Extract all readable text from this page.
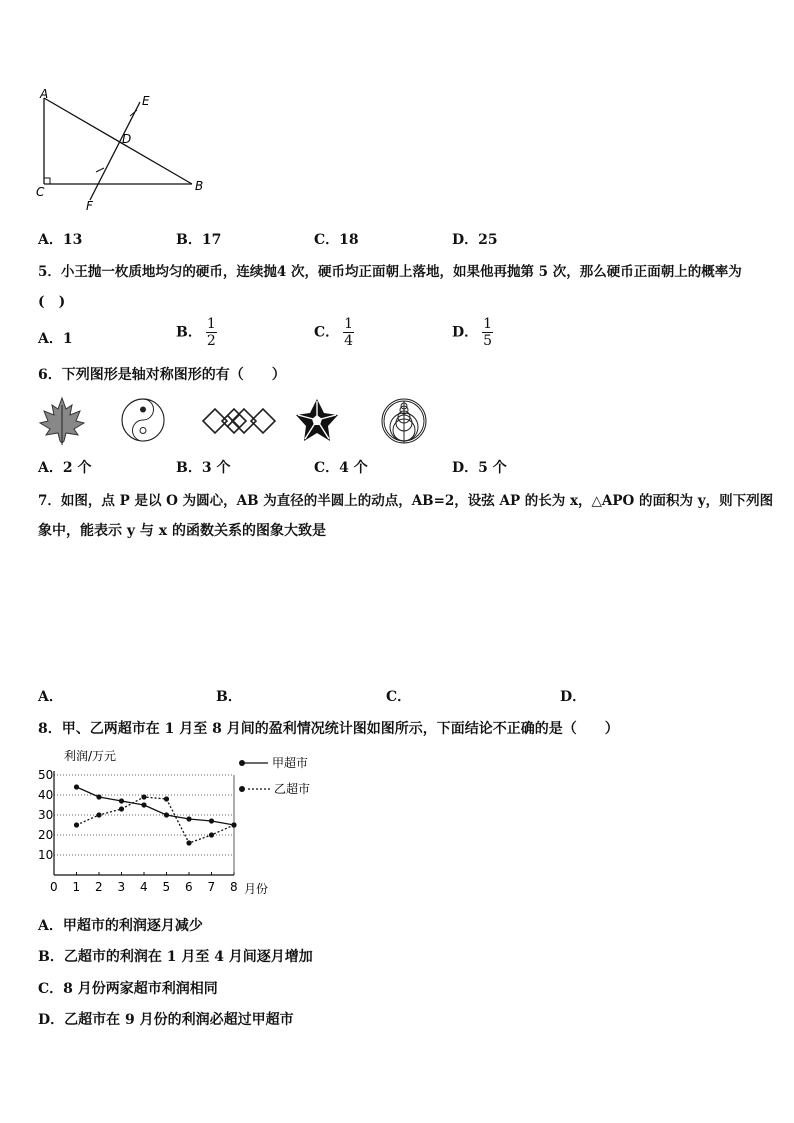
A	E
D
C	B
F
A．13	B．17	C．18	D．25
5．小王抛一枚质地均匀的硬币，连续抛4 次，硬币均正面朝上落地，如果他再抛第 5 次，那么硬币正面朝上的概率为
(　)
A．1	B． $\frac{1}{2}$	C． $\frac{1}{4}$	D． $\frac{1}{5}$
6．下列图形是轴对称图形的有（　　）
A．2 个	B．3 个	C．4 个	D．5 个
7．如图，点 P 是以 O 为圆心，AB 为直径的半圆上的动点，AB=2，设弦 AP 的长为 x，△APO 的面积为 y，则下列图
象中，能表示 y 与 x 的函数关系的图象大致是
A．	B．	C．	D．
8．甲、乙两超市在 1 月至 8 月间的盈利情况统计图如图所示，下面结论不正确的是（　　）
利润/万元
月份
10
20
30
40
50
0 1 2 3 4 5 6 7 8
甲超市
乙超市
A．甲超市的利润逐月减少
B．乙超市的利润在 1 月至 4 月间逐月增加
C．8 月份两家超市利润相同
D．乙超市在 9 月份的利润必超过甲超市
